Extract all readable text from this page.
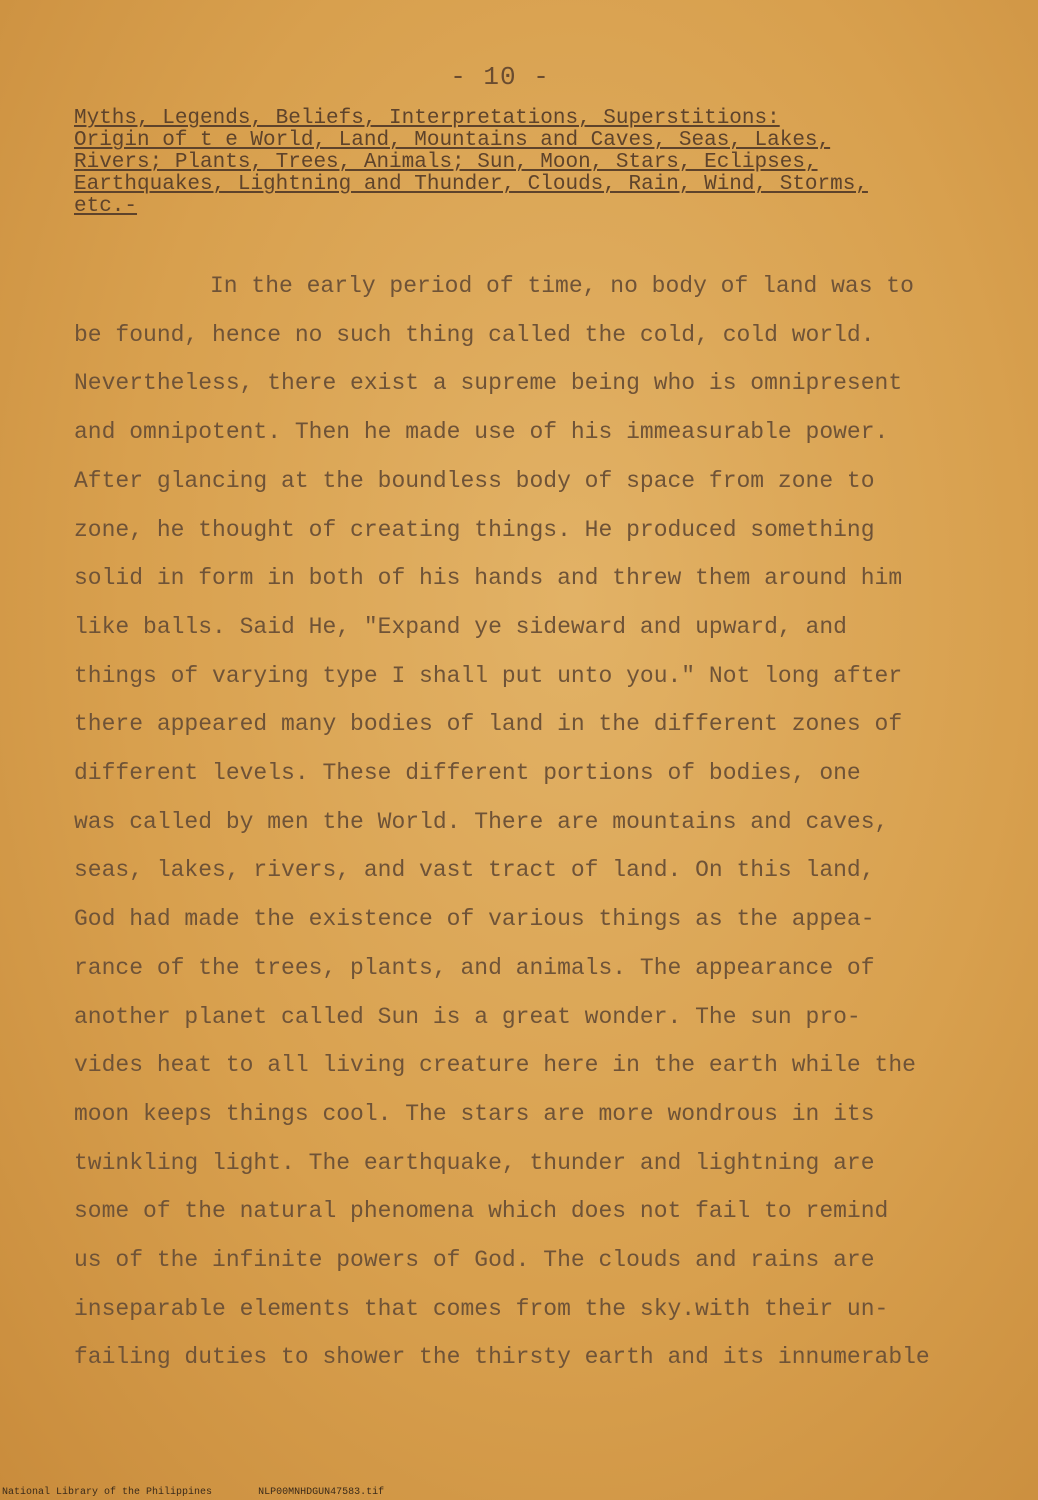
- 10 -
Myths, Legends, Beliefs, Interpretations, Superstitions:
Origin of t e World, Land, Mountains and Caves, Seas, Lakes,
Rivers; Plants, Trees, Animals; Sun, Moon, Stars, Eclipses,
Earthquakes, Lightning and Thunder, Clouds, Rain, Wind, Storms,
etc.-
In the early period of time, no body of land was to
be found, hence no such thing called the cold, cold world.
Nevertheless, there exist a supreme being who is omnipresent
and omnipotent. Then he made use of his immeasurable power.
After glancing at the boundless body of space from zone to
zone, he thought of creating things. He produced something
solid in form in both of his hands and threw them around him
like balls. Said He, "Expand ye sideward and upward, and
things of varying type I shall put unto you." Not long after
there appeared many bodies of land in the different zones of
different levels. These different portions of bodies, one
was called by men the World. There are mountains and caves,
seas, lakes, rivers, and vast tract of land. On this land,
God had made the existence of various things as the appea-
rance of the trees, plants, and animals. The appearance of
another planet called Sun is a great wonder. The sun pro-
vides heat to all living creature here in the earth while the
moon keeps things cool. The stars are more wondrous in its
twinkling light. The earthquake, thunder and lightning are
some of the natural phenomena which does not fail to remind
us of the infinite powers of God. The clouds and rains are
inseparable elements that comes from the sky.with their un-
failing duties to shower the thirsty earth and its innumerable
National Library of the Philippines	NLP00MNHDGUN47583.tif
